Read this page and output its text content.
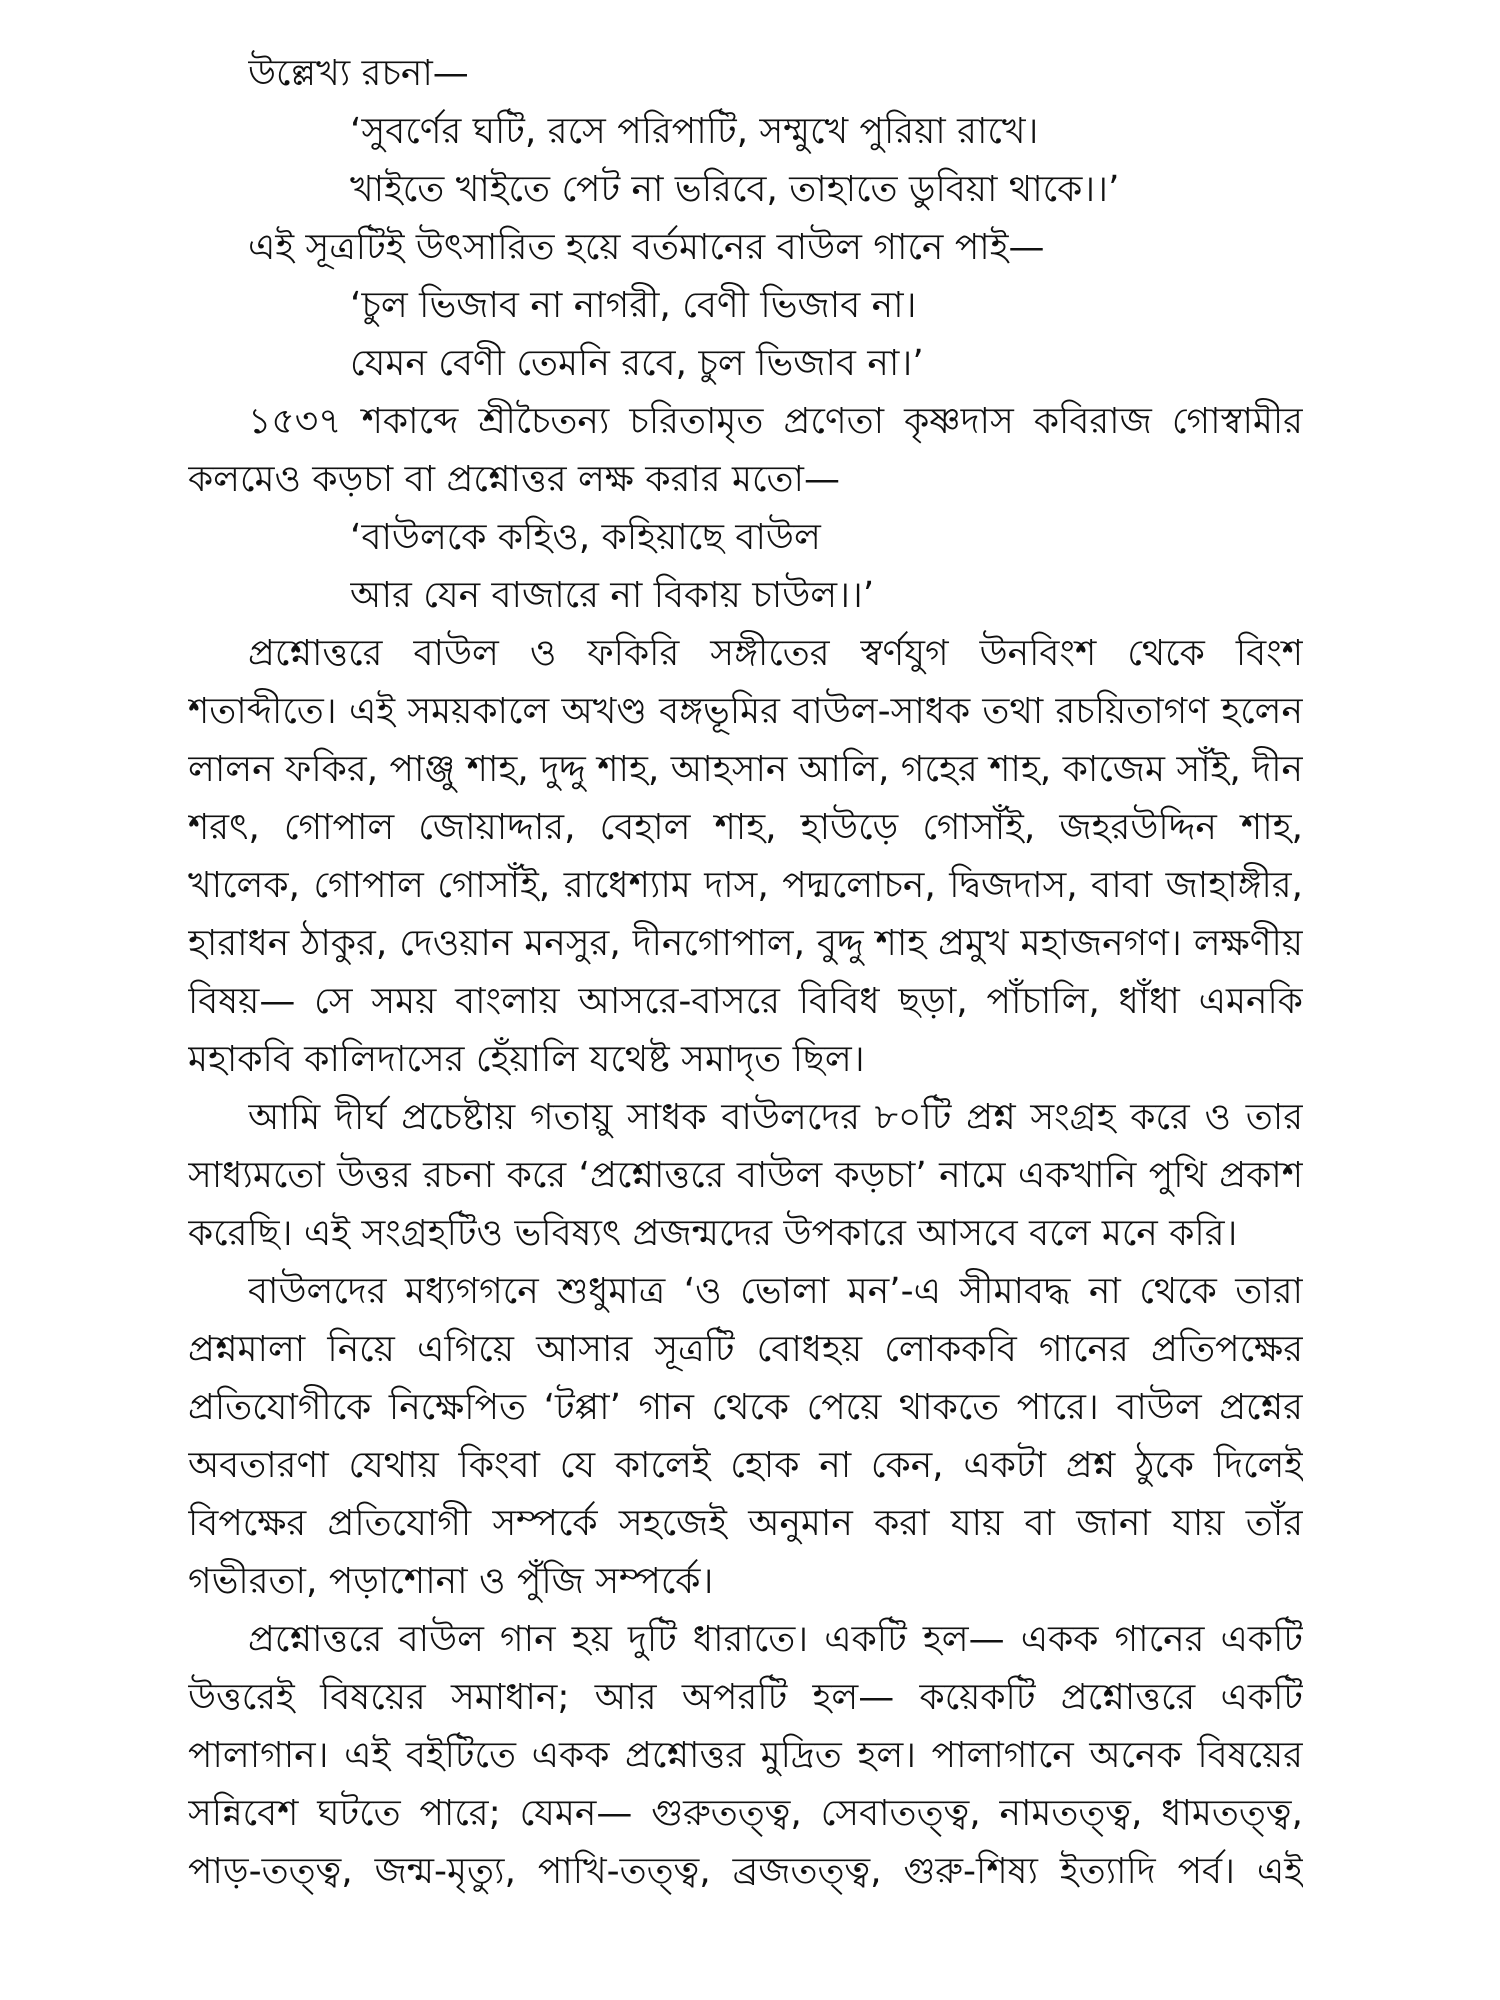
উল্লেখ্য রচনা—
‘সুবর্ণের ঘটি, রসে পরিপাটি, সম্মুখে পুরিয়া রাখে।
খাইতে খাইতে পেট না ভরিবে, তাহাতে ডুবিয়া থাকে।।’
এই সূত্রটিই উৎসারিত হয়ে বর্তমানের বাউল গানে পাই—
‘চুল ভিজাব না নাগরী, বেণী ভিজাব না।
যেমন বেণী তেমনি রবে, চুল ভিজাব না।’
১৫৩৭ শকাব্দে শ্রীচৈতন্য চরিতামৃত প্রণেতা কৃষ্ণদাস কবিরাজ গোস্বামীর
কলমেও কড়চা বা প্রশ্নোত্তর লক্ষ করার মতো—
‘বাউলকে কহিও, কহিয়াছে বাউল
আর যেন বাজারে না বিকায় চাউল।।’
প্রশ্নোত্তরে বাউল ও ফকিরি সঙ্গীতের স্বর্ণযুগ উনবিংশ থেকে বিংশ
শতাব্দীতে। এই সময়কালে অখণ্ড বঙ্গভূমির বাউল-সাধক তথা রচয়িতাগণ হলেন
লালন ফকির, পাঞ্জু শাহ, দুদ্দু শাহ, আহসান আলি, গহের শাহ, কাজেম সাঁই, দীন
শরৎ, গোপাল জোয়াদ্দার, বেহাল শাহ, হাউড়ে গোসাঁই, জহরউদ্দিন শাহ,
খালেক, গোপাল গোসাঁই, রাধেশ্যাম দাস, পদ্মলোচন, দ্বিজদাস, বাবা জাহাঙ্গীর,
হারাধন ঠাকুর, দেওয়ান মনসুর, দীনগোপাল, বুদ্দু শাহ প্রমুখ মহাজনগণ। লক্ষণীয়
বিষয়— সে সময় বাংলায় আসরে-বাসরে বিবিধ ছড়া, পাঁচালি, ধাঁধা এমনকি
মহাকবি কালিদাসের হেঁয়ালি যথেষ্ট সমাদৃত ছিল।
আমি দীর্ঘ প্রচেষ্টায় গতায়ু সাধক বাউলদের ৮০টি প্রশ্ন সংগ্রহ করে ও তার
সাধ্যমতো উত্তর রচনা করে ‘প্রশ্নোত্তরে বাউল কড়চা’ নামে একখানি পুথি প্রকাশ
করেছি। এই সংগ্রহটিও ভবিষ্যৎ প্রজন্মদের উপকারে আসবে বলে মনে করি।
বাউলদের মধ্যগগনে শুধুমাত্র ‘ও ভোলা মন’-এ সীমাবদ্ধ না থেকে তারা
প্রশ্নমালা নিয়ে এগিয়ে আসার সূত্রটি বোধহয় লোককবি গানের প্রতিপক্ষের
প্রতিযোগীকে নিক্ষেপিত ‘টপ্পা’ গান থেকে পেয়ে থাকতে পারে। বাউল প্রশ্নের
অবতারণা যেথায় কিংবা যে কালেই হোক না কেন, একটা প্রশ্ন ঠুকে দিলেই
বিপক্ষের প্রতিযোগী সম্পর্কে সহজেই অনুমান করা যায় বা জানা যায় তাঁর
গভীরতা, পড়াশোনা ও পুঁজি সম্পর্কে।
প্রশ্নোত্তরে বাউল গান হয় দুটি ধারাতে। একটি হল— একক গানের একটি
উত্তরেই বিষয়ের সমাধান; আর অপরটি হল— কয়েকটি প্রশ্নোত্তরে একটি
পালাগান। এই বইটিতে একক প্রশ্নোত্তর মুদ্রিত হল। পালাগানে অনেক বিষয়ের
সন্নিবেশ ঘটতে পারে; যেমন— গুরুতত্ত্ব, সেবাতত্ত্ব, নামতত্ত্ব, ধামতত্ত্ব,
পাড়-তত্ত্ব, জন্ম-মৃত্যু, পাখি-তত্ত্ব, ব্রজতত্ত্ব, গুরু-শিষ্য ইত্যাদি পর্ব। এই
